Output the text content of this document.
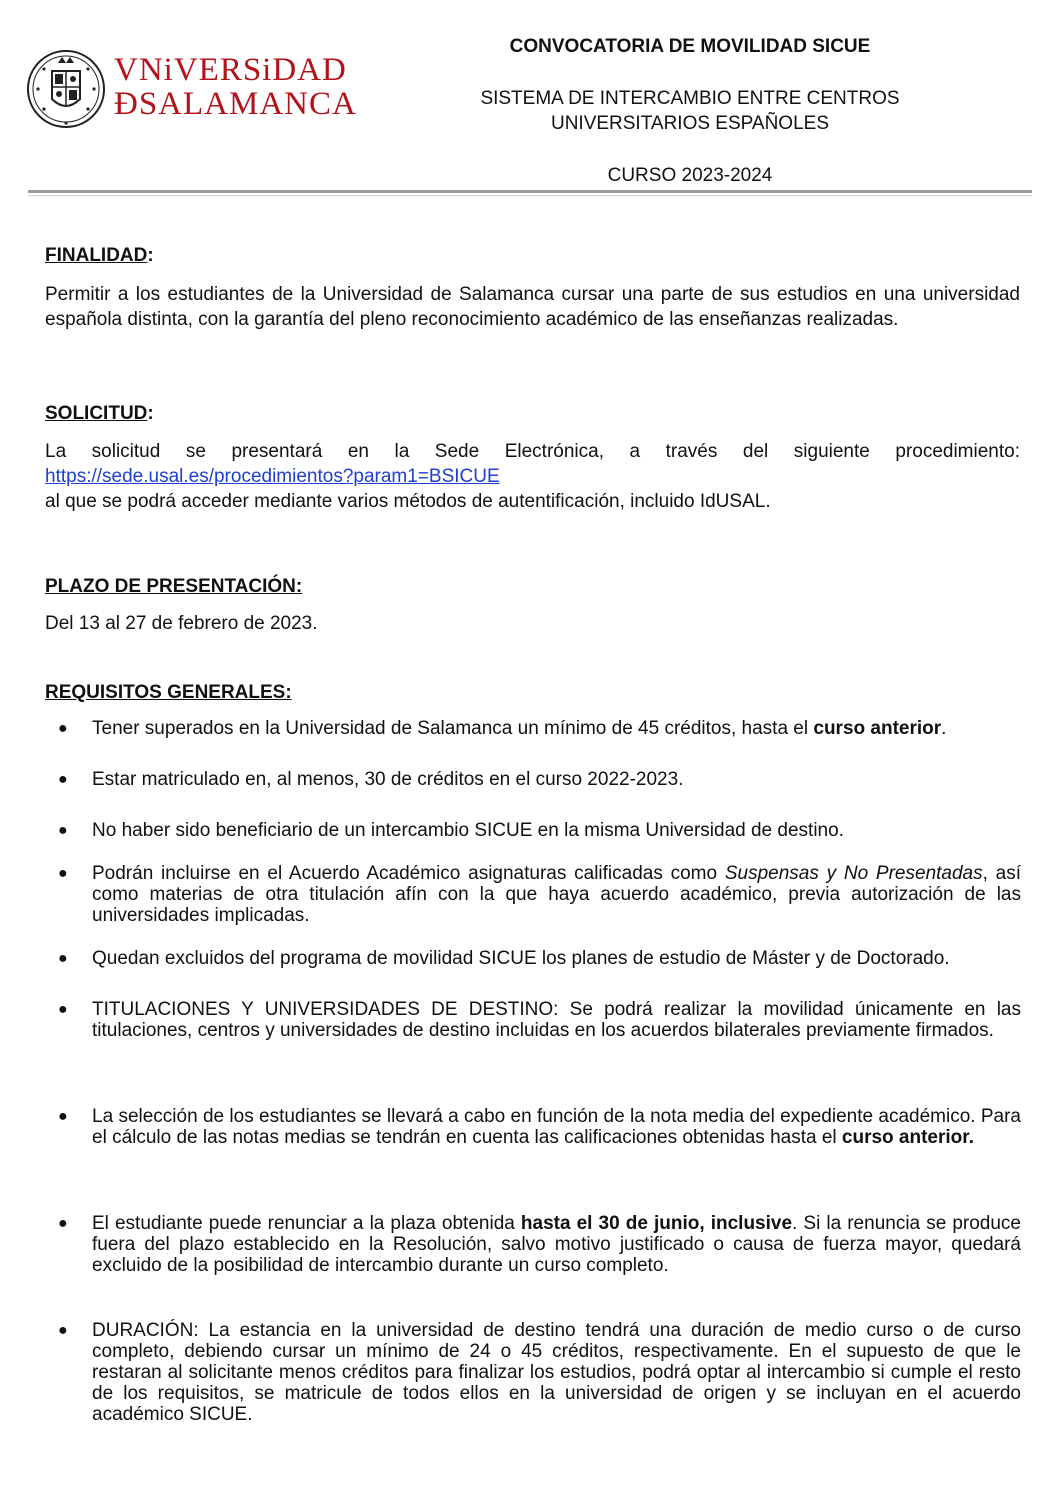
VNiVERSiDAD
ÐSALAMANCA
CONVOCATORIA DE MOVILIDAD SICUE
SISTEMA DE INTERCAMBIO ENTRE CENTROS
UNIVERSITARIOS ESPAÑOLES
CURSO 2023-2024
FINALIDAD:
Permitir a los estudiantes de la Universidad de Salamanca cursar una parte de sus estudios en una universidad española distinta, con la garantía del pleno reconocimiento académico de las enseñanzas realizadas.
SOLICITUD:
La solicitud se presentará en la Sede Electrónica, a través del siguiente procedimiento:
https://sede.usal.es/procedimientos?param1=BSICUE
al que se podrá acceder mediante varios métodos de autentificación, incluido IdUSAL.
PLAZO DE PRESENTACIÓN:
Del 13 al 27 de febrero de 2023.
REQUISITOS GENERALES:
● Tener superados en la Universidad de Salamanca un mínimo de 45 créditos, hasta el curso anterior.
● Estar matriculado en, al menos, 30 de créditos en el curso 2022-2023.
● No haber sido beneficiario de un intercambio SICUE en la misma Universidad de destino.
● Podrán incluirse en el Acuerdo Académico asignaturas calificadas como Suspensas y No Presentadas, así como materias de otra titulación afín con la que haya acuerdo académico, previa autorización de las universidades implicadas.
● Quedan excluidos del programa de movilidad SICUE los planes de estudio de Máster y de Doctorado.
● TITULACIONES Y UNIVERSIDADES DE DESTINO: Se podrá realizar la movilidad únicamente en las titulaciones, centros y universidades de destino incluidas en los acuerdos bilaterales previamente firmados.
● La selección de los estudiantes se llevará a cabo en función de la nota media del expediente académico. Para el cálculo de las notas medias se tendrán en cuenta las calificaciones obtenidas hasta el curso anterior.
● El estudiante puede renunciar a la plaza obtenida hasta el 30 de junio, inclusive. Si la renuncia se produce fuera del plazo establecido en la Resolución, salvo motivo justificado o causa de fuerza mayor, quedará excluido de la posibilidad de intercambio durante un curso completo.
● DURACIÓN: La estancia en la universidad de destino tendrá una duración de medio curso o de curso completo, debiendo cursar un mínimo de 24 o 45 créditos, respectivamente. En el supuesto de que le restaran al solicitante menos créditos para finalizar los estudios, podrá optar al intercambio si cumple el resto de los requisitos, se matricule de todos ellos en la universidad de origen y se incluyan en el acuerdo académico SICUE.
